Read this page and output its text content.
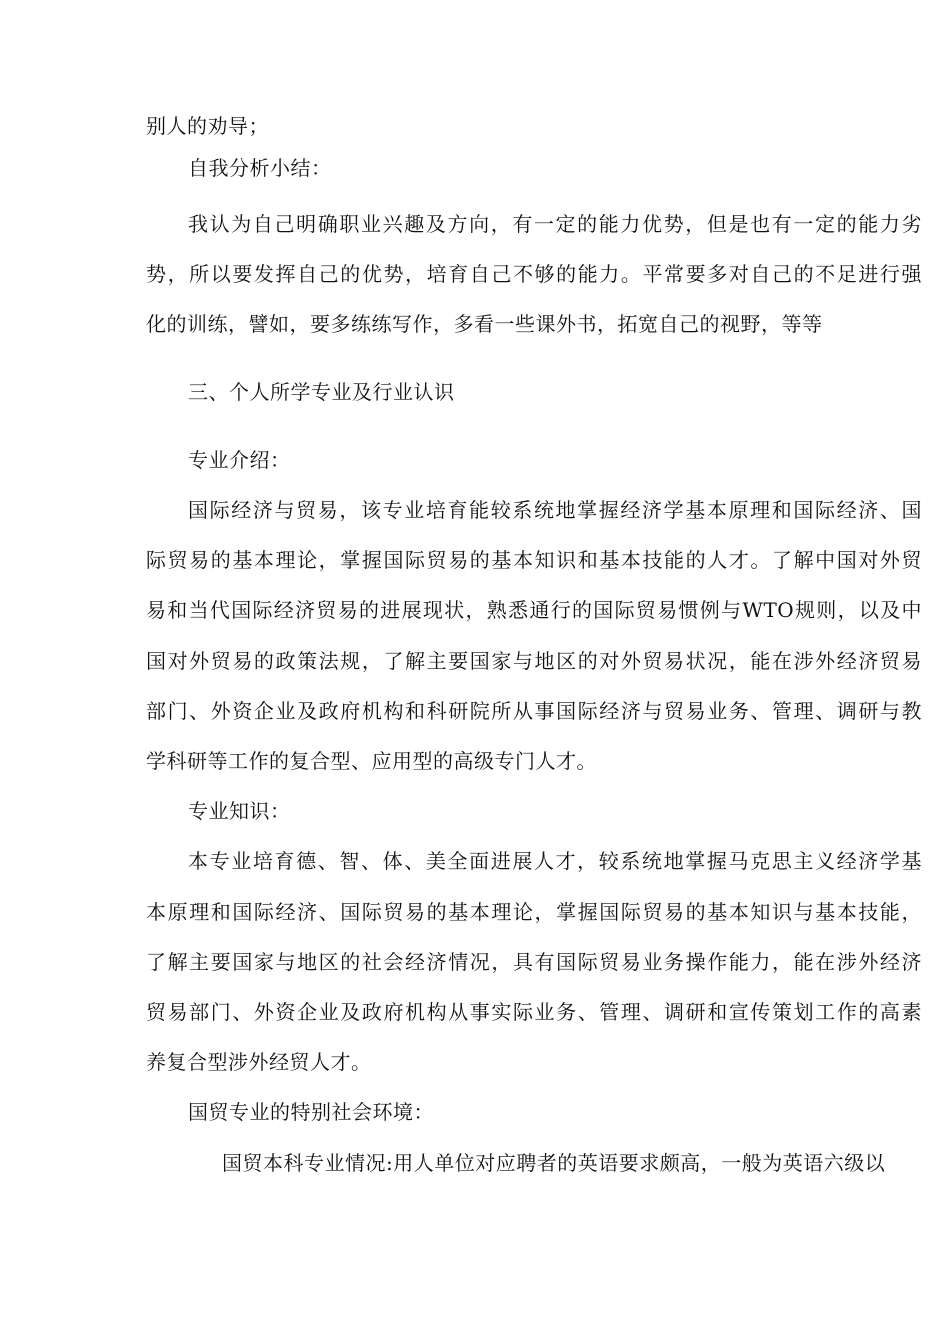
别人的劝导；
自我分析小结：
我认为自己明确职业兴趣及方向，有一定的能力优势，但是也有一定的能力劣
势，所以要发挥自己的优势，培育自己不够的能力。平常要多对自己的不足进行强
化的训练，譬如，要多练练写作，多看一些课外书，拓宽自己的视野，等等
三、个人所学专业及行业认识
专业介绍：
国际经济与贸易，该专业培育能较系统地掌握经济学基本原理和国际经济、国
际贸易的基本理论，掌握国际贸易的基本知识和基本技能的人才。了解中国对外贸
易和当代国际经济贸易的进展现状，熟悉通行的国际贸易惯例与WTO规则，以及中
国对外贸易的政策法规，了解主要国家与地区的对外贸易状况，能在涉外经济贸易
部门、外资企业及政府机构和科研院所从事国际经济与贸易业务、管理、调研与教
学科研等工作的复合型、应用型的高级专门人才。
专业知识：
本专业培育德、智、体、美全面进展人才，较系统地掌握马克思主义经济学基
本原理和国际经济、国际贸易的基本理论，掌握国际贸易的基本知识与基本技能，
了解主要国家与地区的社会经济情况，具有国际贸易业务操作能力，能在涉外经济
贸易部门、外资企业及政府机构从事实际业务、管理、调研和宣传策划工作的高素
养复合型涉外经贸人才。
国贸专业的特别社会环境：
国贸本科专业情况:用人单位对应聘者的英语要求颇高，一般为英语六级以
